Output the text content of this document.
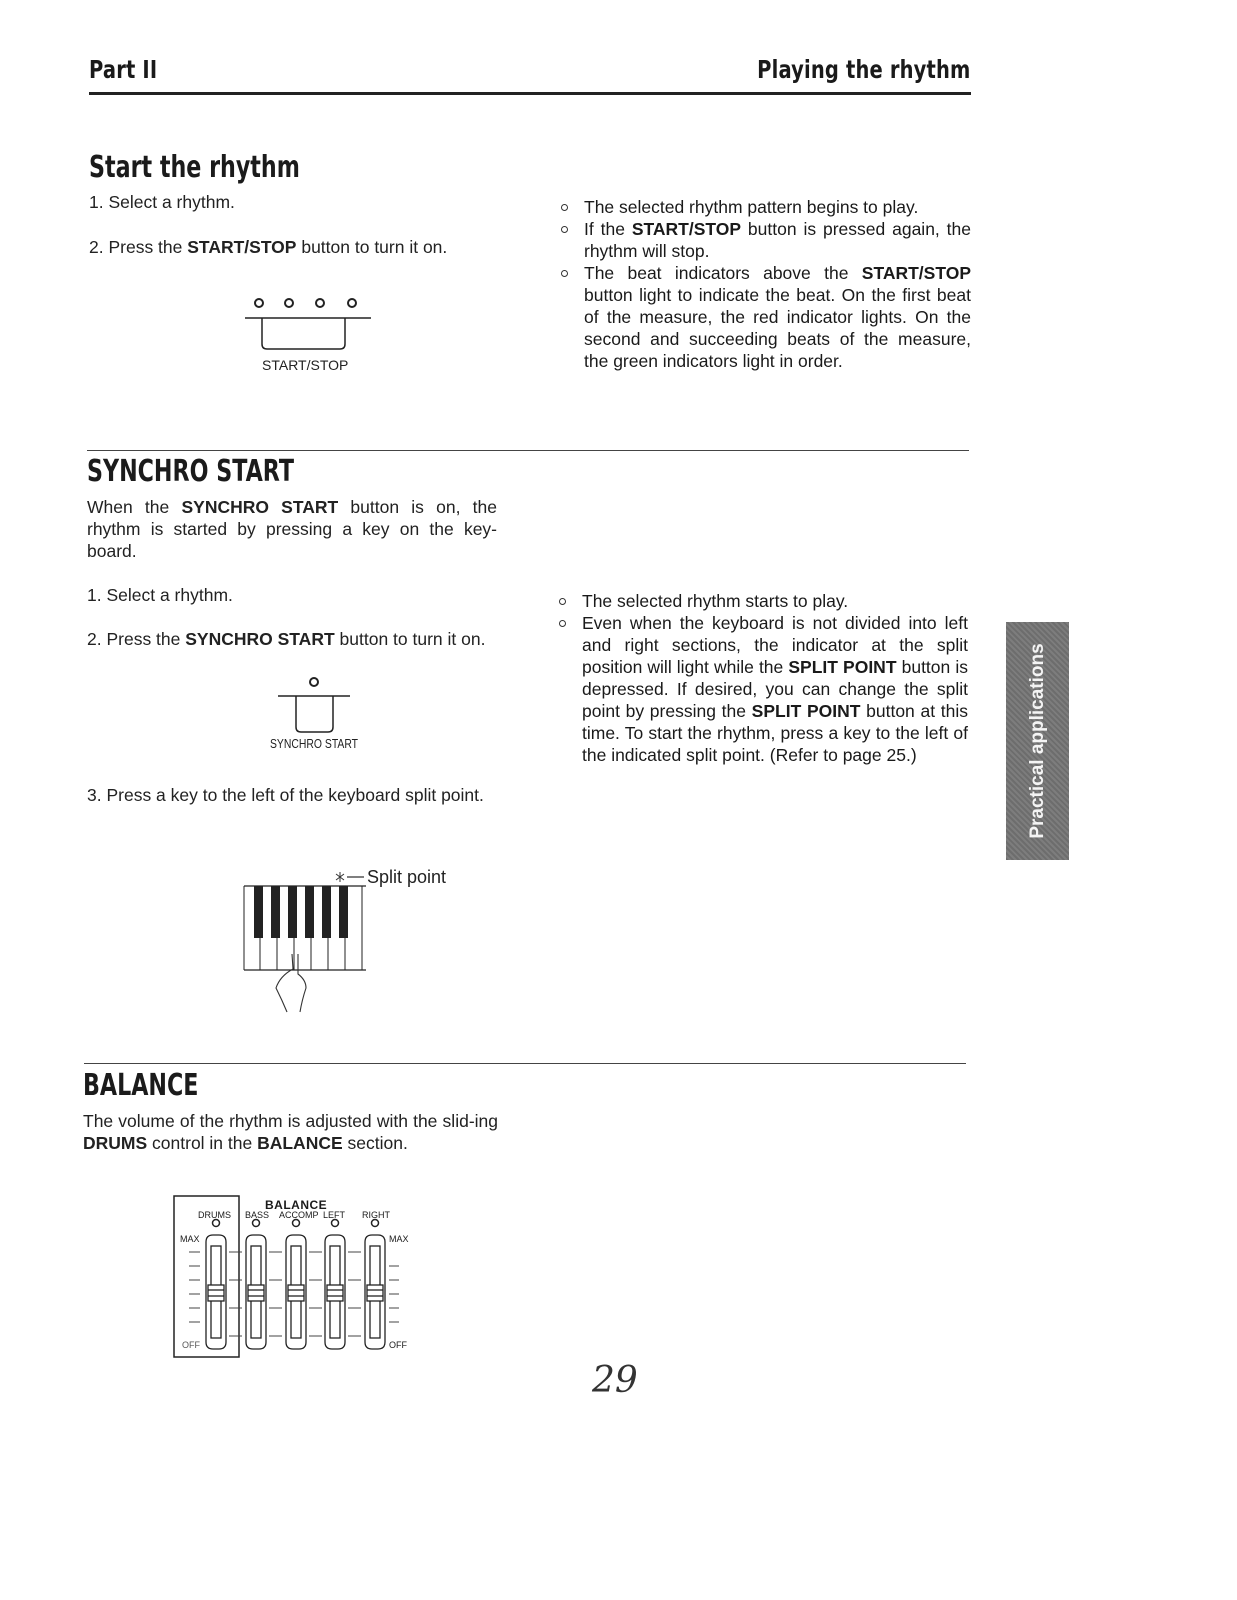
Part II	Playing the rhythm
Start the rhythm
1. Select a rhythm.
2. Press the START/STOP button to turn it on.
START/STOP
The selected rhythm pattern begins to play.
If the START/STOP button is pressed again, the rhythm will stop.
The beat indicators above the START/STOP button light to indicate the beat. On the first beat of the measure, the red indicator lights. On the second and succeeding beats of the measure, the green indicators light in order.
SYNCHRO START
When the SYNCHRO START button is on, the rhythm is started by pressing a key on the key-board.
1. Select a rhythm.
2. Press the SYNCHRO START button to turn it on.
SYNCHRO START
3. Press a key to the left of the keyboard split point.
Split point
The selected rhythm starts to play.
Even when the keyboard is not divided into left and right sections, the indicator at the split position will light while the SPLIT POINT button is depressed. If desired, you can change the split point by pressing the SPLIT POINT button at this time. To start the rhythm, press a key to the left of the indicated split point. (Refer to page 25.)	Practical applications
BALANCE
The volume of the rhythm is adjusted with the slid-ing DRUMS control in the BALANCE section.
BALANCE
DRUMS BASS ACCOMP LEFT RIGHT
MAX	MAX
OFF	OFF
29
